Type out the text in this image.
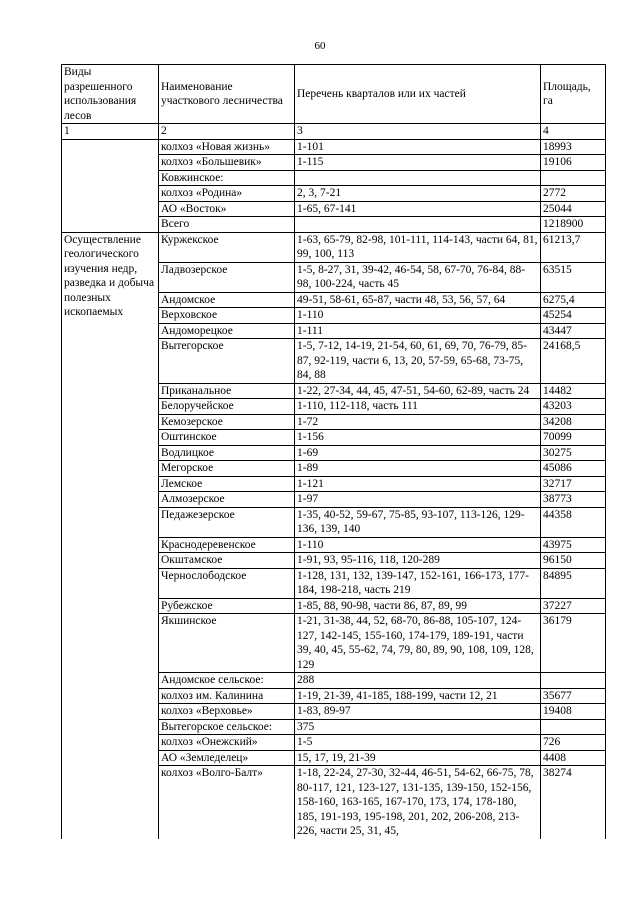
60
Виды разрешенного использования лесов	Наименование участкового лесничества	Перечень кварталов или их частей	Площадь, га
1	2	3	4
	колхоз «Новая жизнь»	1-101	18993
	колхоз «Большевик»	1-115	19106
	Ковжинское:		
	колхоз «Родина»	2, 3, 7-21	2772
	АО «Восток»	1-65, 67-141	25044
	Всего		1218900
Осуществление геологического изучения недр, разведка и добыча полезных ископаемых	Куржекское	1-63, 65-79, 82-98, 101-111, 114-143, части 64, 81, 99, 100, 113	61213,7
	Ладвозерское	1-5, 8-27, 31, 39-42, 46-54, 58, 67-70, 76-84, 88-98, 100-224, часть 45	63515
	Андомское	49-51, 58-61, 65-87, части 48, 53, 56, 57, 64	6275,4
	Верховское	1-110	45254
	Андоморецкое	1-111	43447
	Вытегорское	1-5, 7-12, 14-19, 21-54, 60, 61, 69, 70, 76-79, 85-87, 92-119, части 6, 13, 20, 57-59, 65-68, 73-75, 84, 88	24168,5
	Приканальное	1-22, 27-34, 44, 45, 47-51, 54-60, 62-89, часть 24	14482
	Белоручейское	1-110, 112-118, часть 111	43203
	Кемозерское	1-72	34208
	Оштинское	1-156	70099
	Водлицкое	1-69	30275
	Мегорское	1-89	45086
	Лемское	1-121	32717
	Алмозерское	1-97	38773
	Педажезерское	1-35, 40-52, 59-67, 75-85, 93-107, 113-126, 129-136, 139, 140	44358
	Краснодеревенское	1-110	43975
	Окштамское	1-91, 93, 95-116, 118, 120-289	96150
	Чернослободское	1-128, 131, 132, 139-147, 152-161, 166-173, 177-184, 198-218, часть 219	84895
	Рубежское	1-85, 88, 90-98, части 86, 87, 89, 99	37227
	Якшинское	1-21, 31-38, 44, 52, 68-70, 86-88, 105-107, 124-127, 142-145, 155-160, 174-179, 189-191, части 39, 40, 45, 55-62, 74, 79, 80, 89, 90, 108, 109, 128, 129	36179
	Андомское сельское:	288	
	колхоз им. Калинина	1-19, 21-39, 41-185, 188-199, части 12, 21	35677
	колхоз «Верховье»	1-83, 89-97	19408
	Вытегорское сельское:	375	
	колхоз «Онежский»	1-5	726
	АО «Земледелец»	15, 17, 19, 21-39	4408
	колхоз «Волго-Балт»	1-18, 22-24, 27-30, 32-44, 46-51, 54-62, 66-75, 78, 80-117, 121, 123-127, 131-135, 139-150, 152-156, 158-160, 163-165, 167-170, 173, 174, 178-180, 185, 191-193, 195-198, 201, 202, 206-208, 213-226, части 25, 31, 45,	38274
